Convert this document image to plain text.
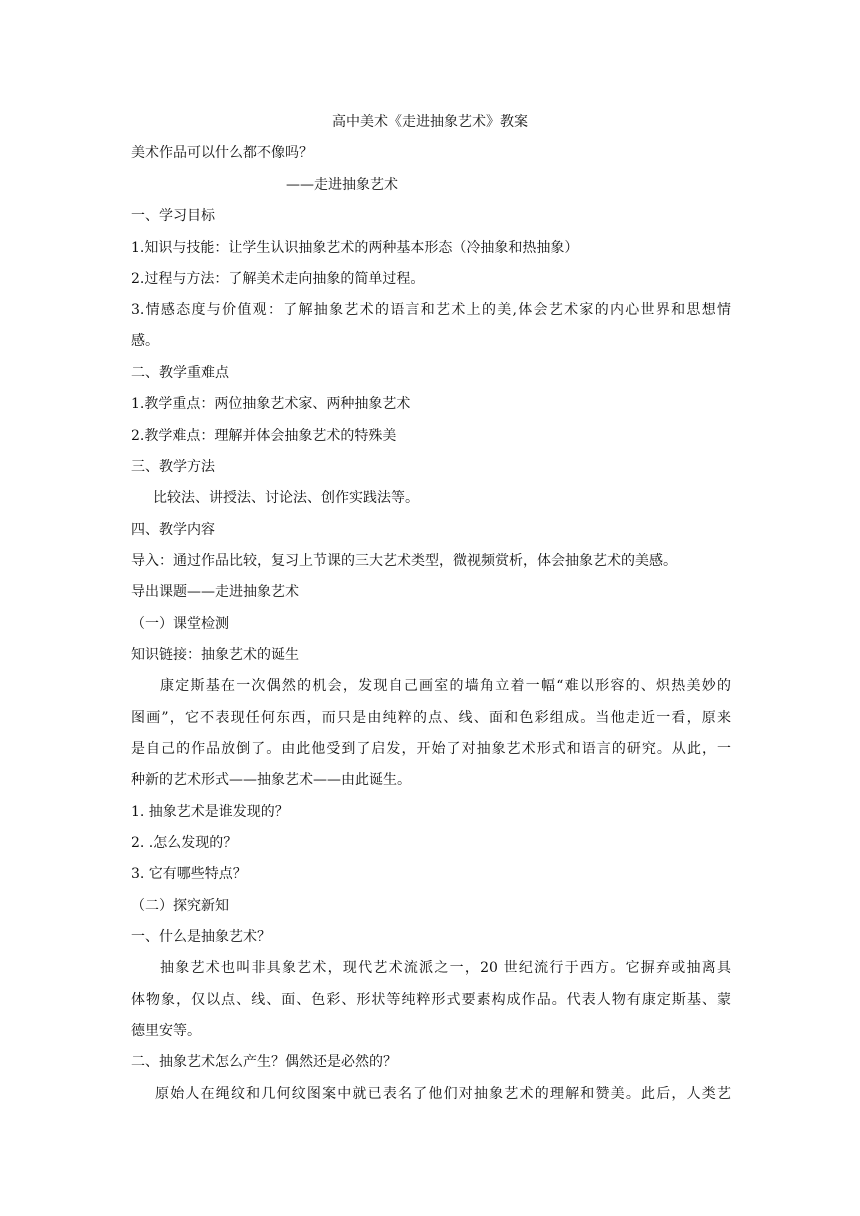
高中美术《走进抽象艺术》教案
美术作品可以什么都不像吗？
——走进抽象艺术
一、学习目标
1.知识与技能：让学生认识抽象艺术的两种基本形态（冷抽象和热抽象）
2.过程与方法：了解美术走向抽象的简单过程。
3.情感态度与价值观：了解抽象艺术的语言和艺术上的美,体会艺术家的内心世界和思想情
感。
二、教学重难点
1.教学重点：两位抽象艺术家、两种抽象艺术
2.教学难点：理解并体会抽象艺术的特殊美
三、教学方法
比较法、讲授法、讨论法、创作实践法等。
四、教学内容
导入：通过作品比较，复习上节课的三大艺术类型，微视频赏析，体会抽象艺术的美感。
导出课题——走进抽象艺术
（一）课堂检测
知识链接：抽象艺术的诞生
康定斯基在一次偶然的机会，发现自己画室的墙角立着一幅“难以形容的、炽热美妙的
图画”，它不表现任何东西，而只是由纯粹的点、线、面和色彩组成。当他走近一看，原来
是自己的作品放倒了。由此他受到了启发，开始了对抽象艺术形式和语言的研究。从此，一
种新的艺术形式——抽象艺术——由此诞生。
1. 抽象艺术是谁发现的？
2. .怎么发现的？
3. 它有哪些特点？
（二）探究新知
一、什么是抽象艺术？
抽象艺术也叫非具象艺术，现代艺术流派之一，20 世纪流行于西方。它摒弃或抽离具
体物象，仅以点、线、面、色彩、形状等纯粹形式要素构成作品。代表人物有康定斯基、蒙
德里安等。
二、抽象艺术怎么产生？偶然还是必然的？
原始人在绳纹和几何纹图案中就已表名了他们对抽象艺术的理解和赞美。此后，人类艺
